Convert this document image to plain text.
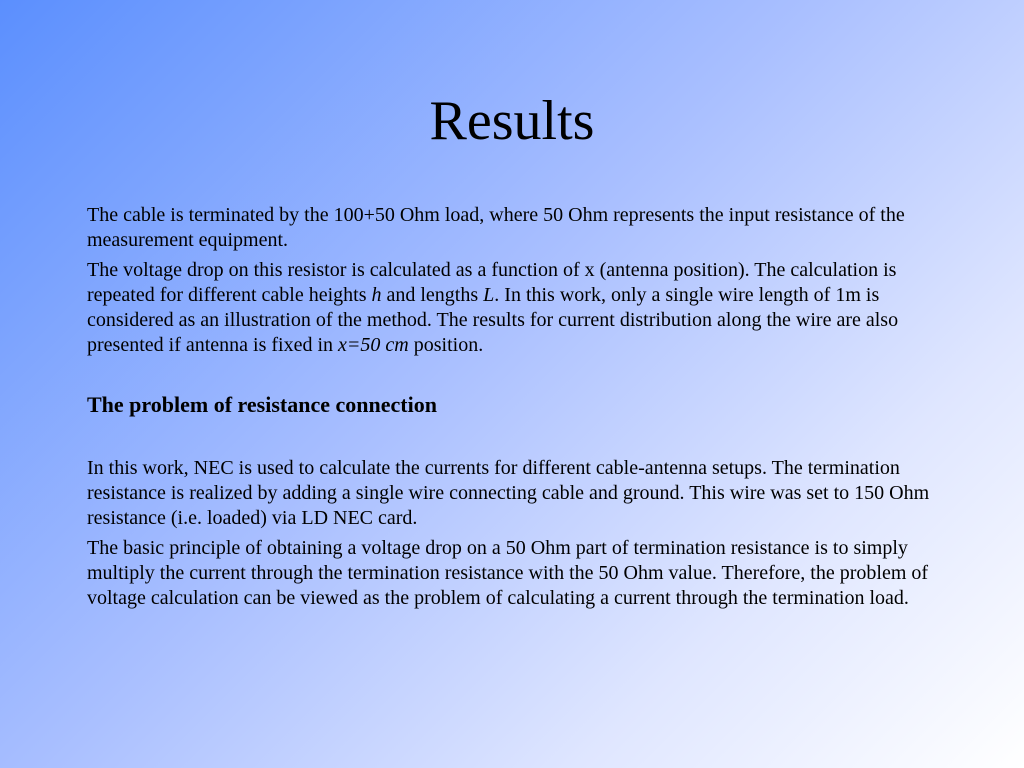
Results

The cable is terminated by the 100+50 Ohm load, where 50 Ohm represents the input resistance of the measurement equipment.

The voltage drop on this resistor is calculated as a function of x (antenna position). The calculation is repeated for different cable heights h and lengths L. In this work, only a single wire length of 1m is considered as an illustration of the method. The results for current distribution along the wire are also presented if antenna is fixed in x=50 cm position.

The problem of resistance connection

In this work, NEC is used to calculate the currents for different cable-antenna setups. The termination resistance is realized by adding a single wire connecting cable and ground. This wire was set to 150 Ohm resistance (i.e. loaded) via LD NEC card.

The basic principle of obtaining a voltage drop on a 50 Ohm part of termination resistance is to simply multiply the current through the termination resistance with the 50 Ohm value. Therefore, the problem of voltage calculation can be viewed as the problem of calculating a current through the termination load.
